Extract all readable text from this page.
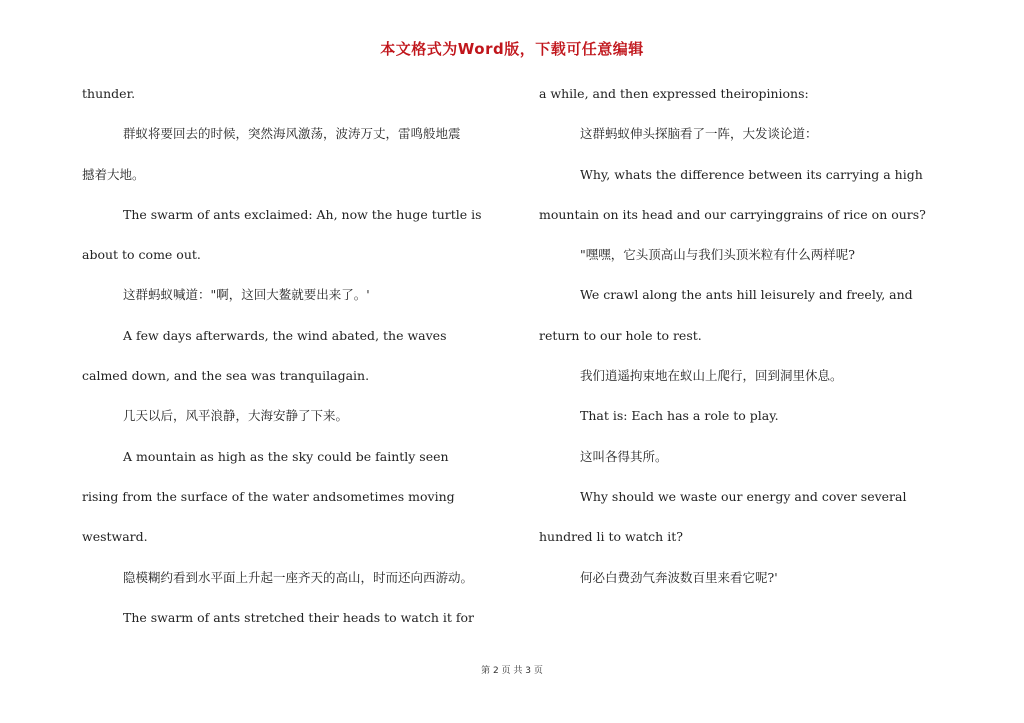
本文格式为Word版，下载可任意编辑
thunder.
群蚁将要回去的时候，突然海风激荡，波涛万丈，雷鸣般地震
撼着大地。
The swarm of ants exclaimed: Ah, now the huge turtle is
about to come out.
这群蚂蚁喊道："啊，这回大鳌就要出来了。'
A few days afterwards, the wind abated, the waves
calmed down, and the sea was tranquilagain.
几天以后，风平浪静，大海安静了下来。
A mountain as high as the sky could be faintly seen
rising from the surface of the water andsometimes moving
westward.
隐模糊约看到水平面上升起一座齐天的高山，时而还向西游动。
The swarm of ants stretched their heads to watch it for
a while, and then expressed theiropinions:
这群蚂蚁伸头探脑看了一阵，大发谈论道：
Why, whats the difference between its carrying a high
mountain on its head and our carryinggrains of rice on ours?
"嘿嘿，它头顶高山与我们头顶米粒有什么两样呢?
We crawl along the ants hill leisurely and freely, and
return to our hole to rest.
我们逍遥拘束地在蚁山上爬行，回到洞里休息。
That is: Each has a role to play.
这叫各得其所。
Why should we waste our energy and cover several
hundred li to watch it?
何必白费劲气奔波数百里来看它呢?'
第 2 页 共 3 页
